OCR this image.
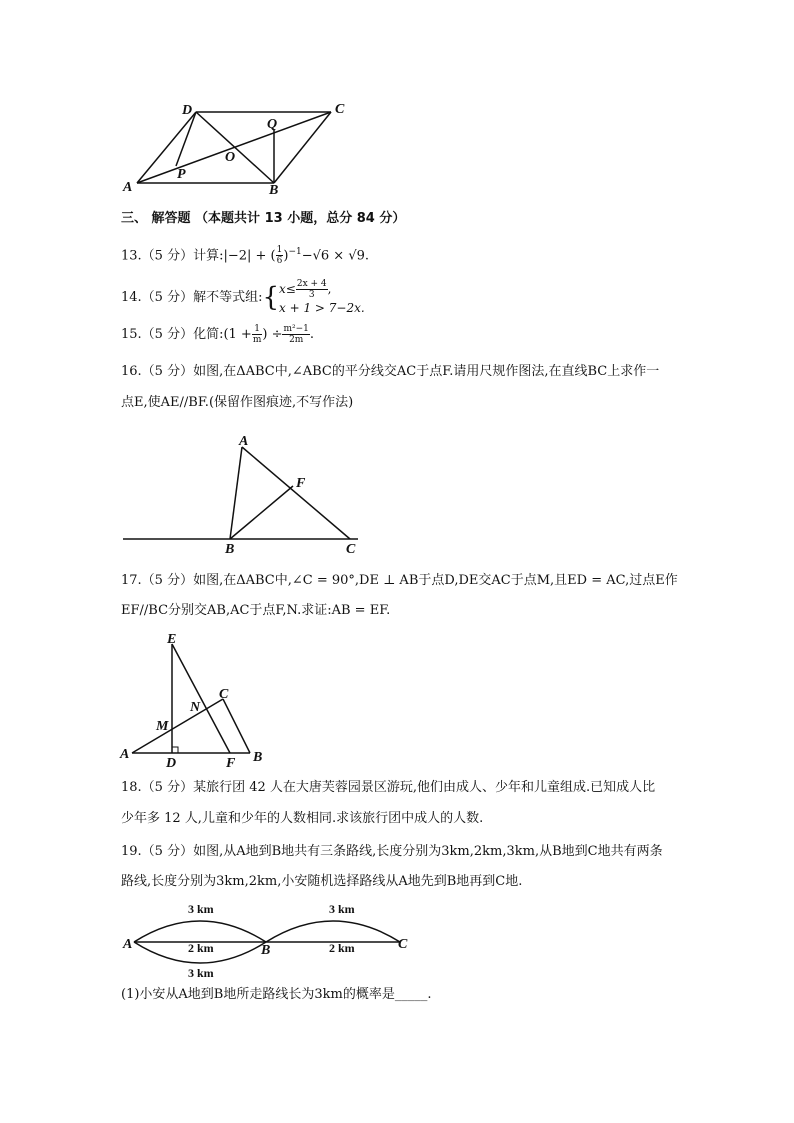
A	B
C
D
O
P
Q
三、 解答题 （本题共计 13 小题，总分 84 分）
13.（5 分）计算:|−2| + ( $\frac{1}{6} )^{-1}-√6 \times √9$.
14.（5 分）解不等式组:{ $x\le \frac{2x + 4}{3}$ ,
x + 1 > 7−2x.
15.（5 分）化简:(1 + $\frac{1}{m}$ ) ÷ $\frac{\text{m²−1}}{2m}$ .
16.（5 分）如图,在ΔABC中,∠ABC的平分线交AC于点F.请用尺规作图法,在直线BC上求作一
点E,使AE//BF.(保留作图痕迹,不写作法)
A
B	C
F
17.（5 分）如图,在ΔABC中,∠C = 90°,DE ⊥ AB于点D,DE交AC于点M,且ED = AC,过点E作
EF//BC分别交AB,AC于点F,N.求证:AB = EF.
E
A
D	F B
C
M
N
18.（5 分）某旅行团 42 人在大唐芙蓉园景区游玩,他们由成人、少年和儿童组成.已知成人比
少年多 12 人,儿童和少年的人数相同.求该旅行团中成人的人数.
19.（5 分）如图,从A地到B地共有三条路线,长度分别为3km,2km,3km,从B地到C地共有两条
路线,长度分别为3km,2km,小安随机选择路线从A地先到B地再到C地.
A	B	C
3 km
2 km
3 km
3 km
2 km
(1)小安从A地到B地所走路线长为3km的概率是_____.
